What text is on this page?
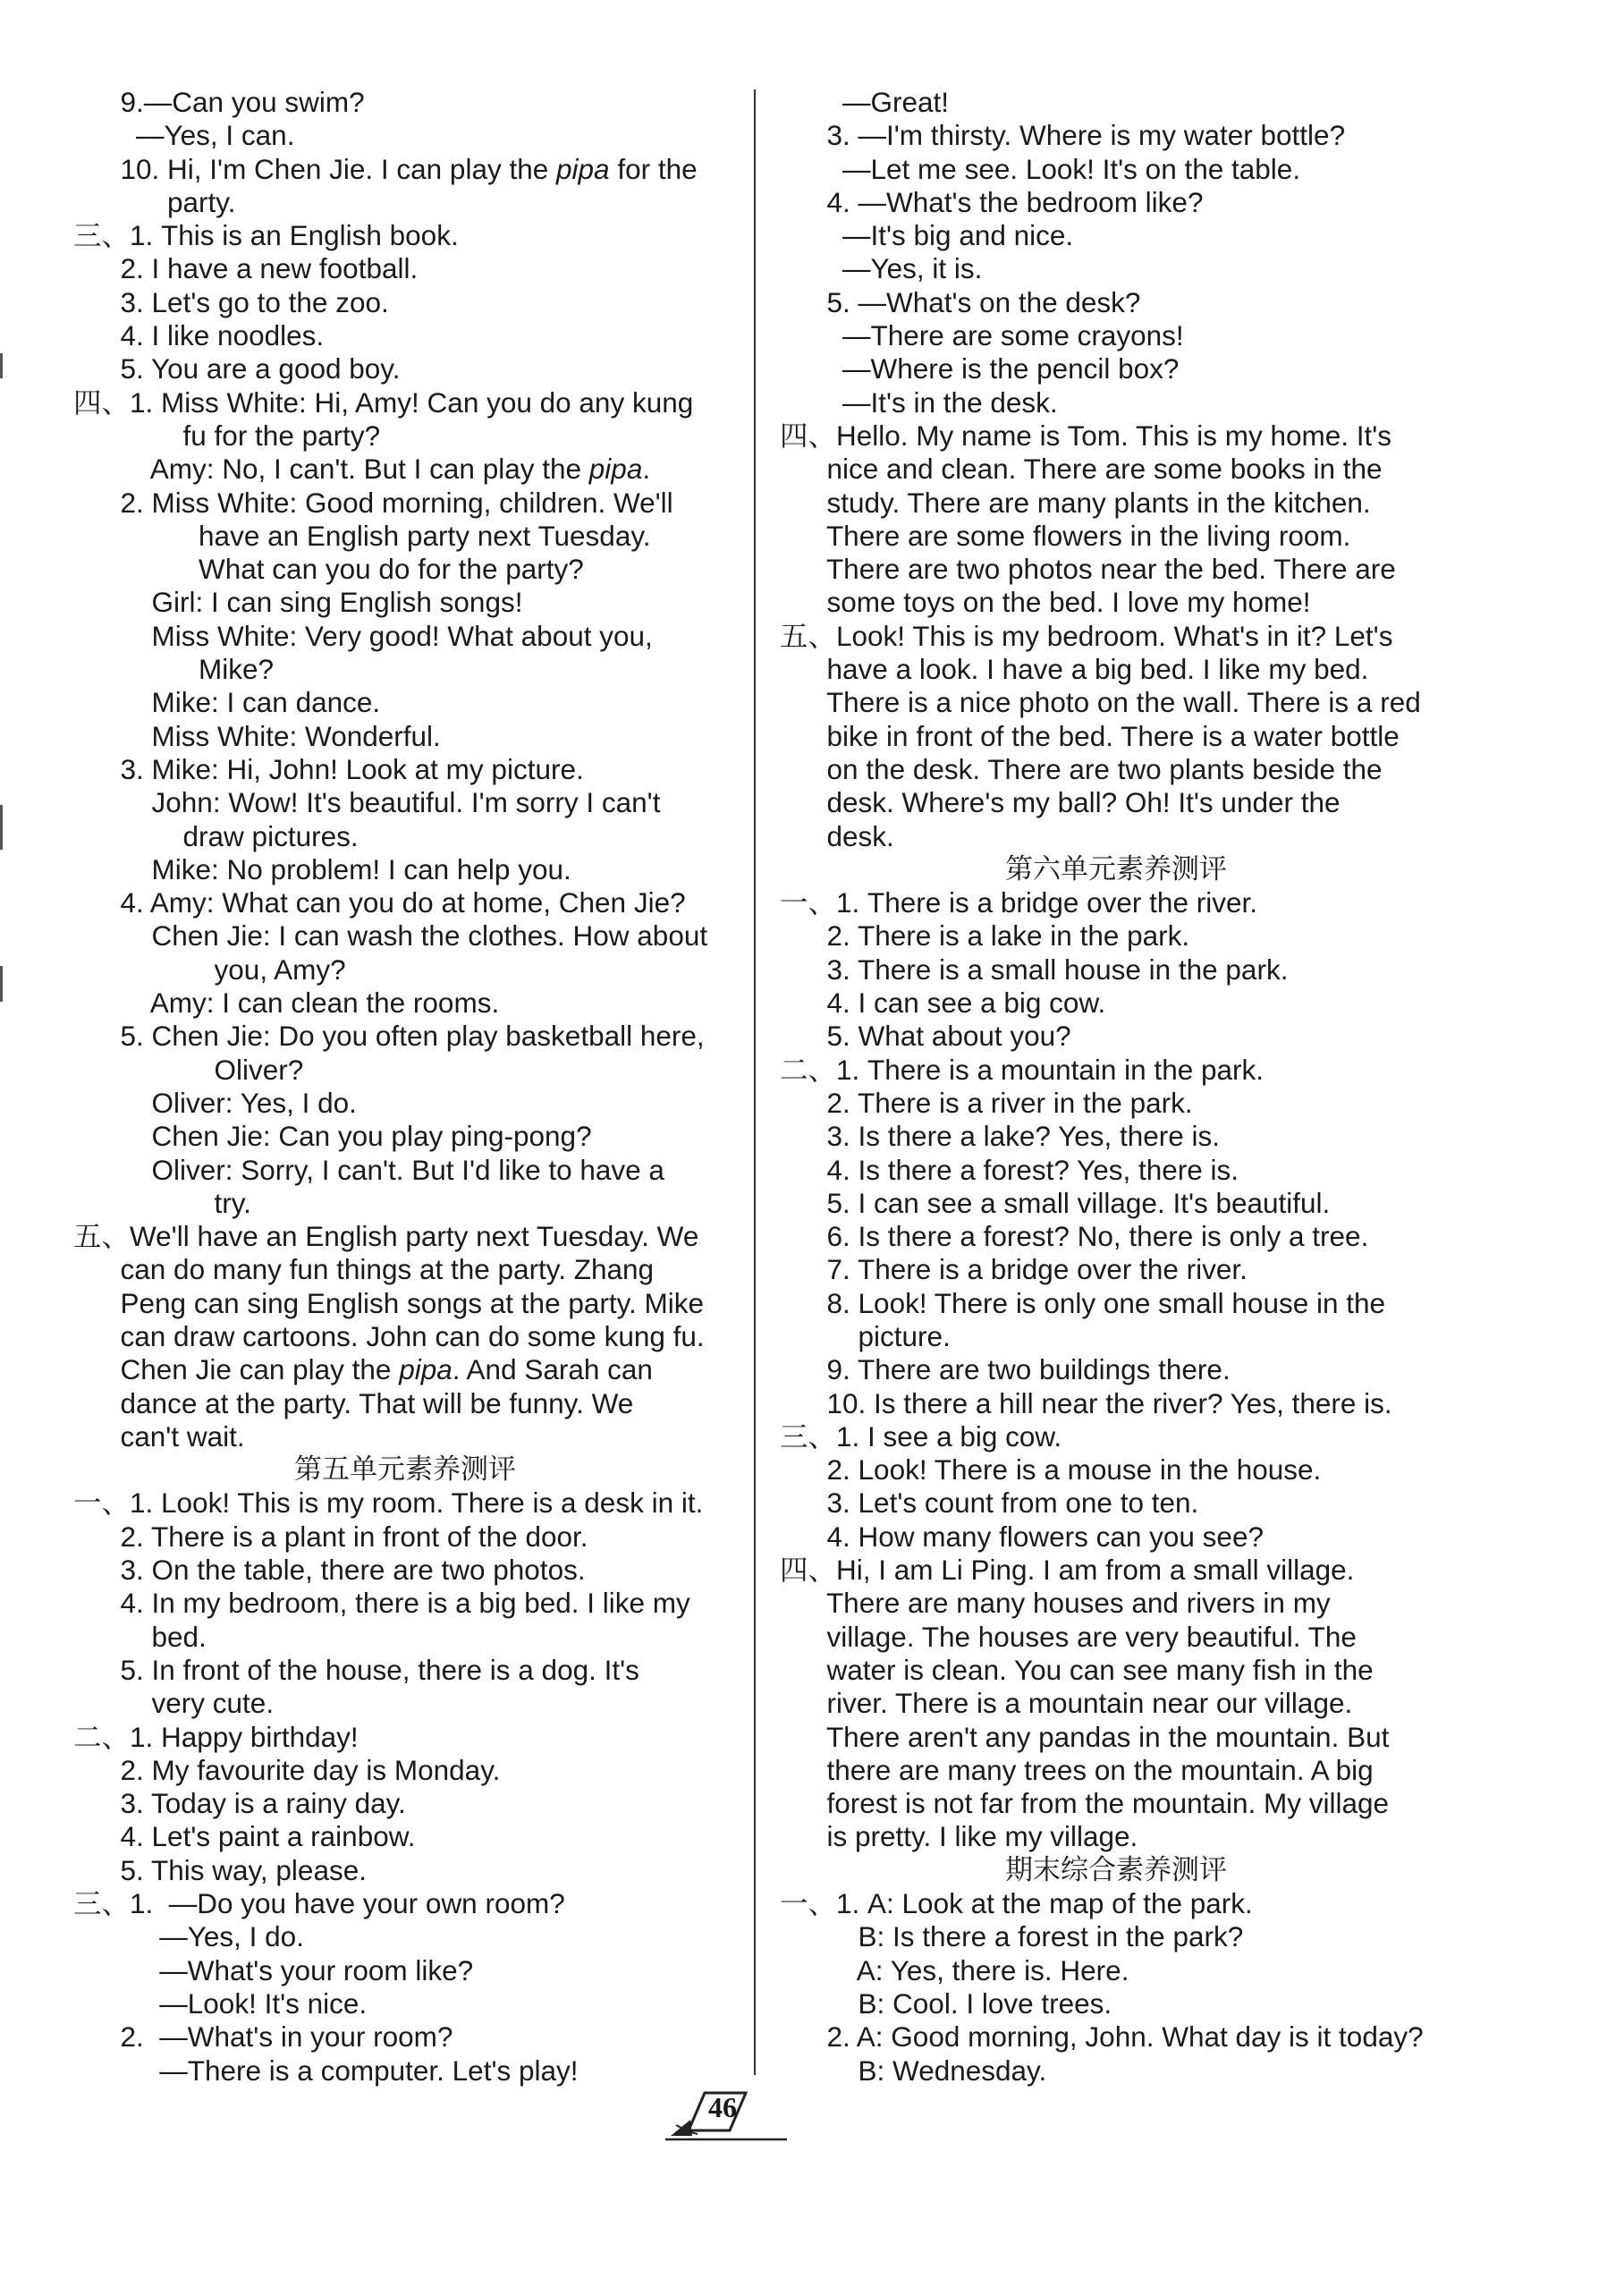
9.—Can you swim?
—Yes, I can.
10. Hi, I'm Chen Jie. I can play the pipa for the
party.
三、1. This is an English book.
2. I have a new football.
3. Let's go to the zoo.
4. I like noodles.
5. You are a good boy.
四、1. Miss White: Hi, Amy! Can you do any kung
fu for the party?
Amy: No, I can't. But I can play the pipa.
2. Miss White: Good morning, children. We'll
have an English party next Tuesday.
What can you do for the party?
Girl: I can sing English songs!
Miss White: Very good! What about you,
Mike?
Mike: I can dance.
Miss White: Wonderful.
3. Mike: Hi, John! Look at my picture.
John: Wow! It's beautiful. I'm sorry I can't
draw pictures.
Mike: No problem! I can help you.
4. Amy: What can you do at home, Chen Jie?
Chen Jie: I can wash the clothes. How about
you, Amy?
Amy: I can clean the rooms.
5. Chen Jie: Do you often play basketball here,
Oliver?
Oliver: Yes, I do.
Chen Jie: Can you play ping-pong?
Oliver: Sorry, I can't. But I'd like to have a
try.
五、We'll have an English party next Tuesday. We
can do many fun things at the party. Zhang
Peng can sing English songs at the party. Mike
can draw cartoons. John can do some kung fu.
Chen Jie can play the pipa. And Sarah can
dance at the party. That will be funny. We
can't wait.
第五单元素养测评
一、1. Look! This is my room. There is a desk in it.
2. There is a plant in front of the door.
3. On the table, there are two photos.
4. In my bedroom, there is a big bed. I like my
bed.
5. In front of the house, there is a dog. It's
very cute.
二、1. Happy birthday!
2. My favourite day is Monday.
3. Today is a rainy day.
4. Let's paint a rainbow.
5. This way, please.
三、1.  —Do you have your own room?
—Yes, I do.
—What's your room like?
—Look! It's nice.
2.  —What's in your room?
—There is a computer. Let's play!
—Great!
3. —I'm thirsty. Where is my water bottle?
—Let me see. Look! It's on the table.
4. —What's the bedroom like?
—It's big and nice.
—Yes, it is.
5. —What's on the desk?
—There are some crayons!
—Where is the pencil box?
—It's in the desk.
四、Hello. My name is Tom. This is my home. It's
nice and clean. There are some books in the
study. There are many plants in the kitchen.
There are some flowers in the living room.
There are two photos near the bed. There are
some toys on the bed. I love my home!
五、Look! This is my bedroom. What's in it? Let's
have a look. I have a big bed. I like my bed.
There is a nice photo on the wall. There is a red
bike in front of the bed. There is a water bottle
on the desk. There are two plants beside the
desk. Where's my ball? Oh! It's under the
desk.
第六单元素养测评
一、1. There is a bridge over the river.
2. There is a lake in the park.
3. There is a small house in the park.
4. I can see a big cow.
5. What about you?
二、1. There is a mountain in the park.
2. There is a river in the park.
3. Is there a lake? Yes, there is.
4. Is there a forest? Yes, there is.
5. I can see a small village. It's beautiful.
6. Is there a forest? No, there is only a tree.
7. There is a bridge over the river.
8. Look! There is only one small house in the
picture.
9. There are two buildings there.
10. Is there a hill near the river? Yes, there is.
三、1. I see a big cow.
2. Look! There is a mouse in the house.
3. Let's count from one to ten.
4. How many flowers can you see?
四、Hi, I am Li Ping. I am from a small village.
There are many houses and rivers in my
village. The houses are very beautiful. The
water is clean. You can see many fish in the
river. There is a mountain near our village.
There aren't any pandas in the mountain. But
there are many trees on the mountain. A big
forest is not far from the mountain. My village
is pretty. I like my village.
期末综合素养测评
一、1. A: Look at the map of the park.
B: Is there a forest in the park?
A: Yes, there is. Here.
B: Cool. I love trees.
2. A: Good morning, John. What day is it today?
B: Wednesday.
46
